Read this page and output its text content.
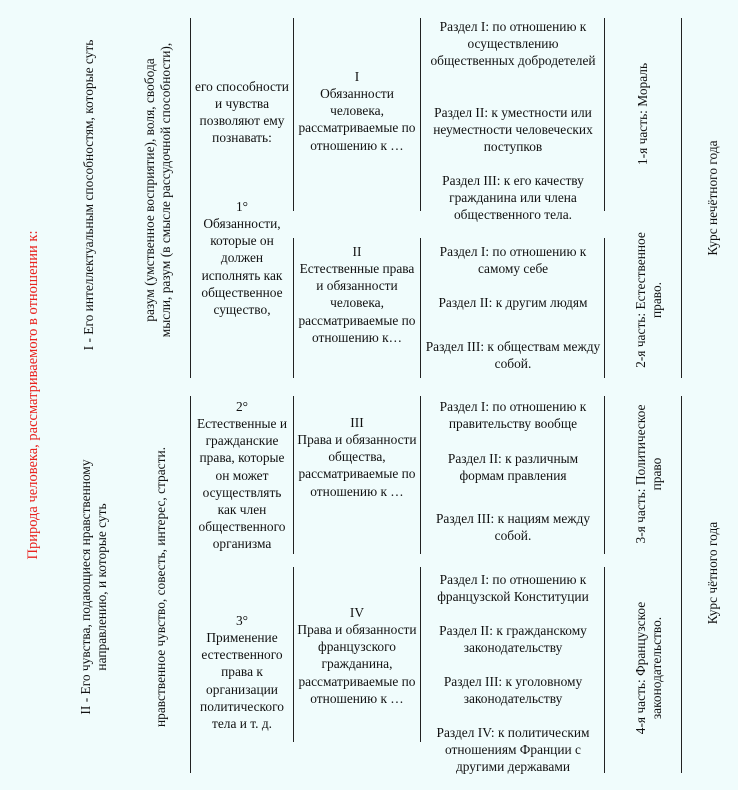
Природа человека, рассматриваемого в отношении к:
I - Его интеллектуальным способностям, которые суть	разум (умственное восприятие), воля, свобода мысли, разум (в смысле рассудочной способности),
II - Его чувства, подающиеся нравственному направлению, и которые суть	нравственное чувство, совесть, интерес, страсти.
его способности и чувства позволяют ему познавать:
1°
Обязанности, которые он должен исполнять как общественное существо,
2°
Естественные и гражданские права, которые он может осуществлять как член общественного организма
3°
Применение естественного права к организации политического тела и т. д.
I
Обязанности человека, рассматриваемые по отношению к …
II
Естественные права и обязанности человека, рассматриваемые по отношению к…
III
Права и обязанности общества, рассматриваемые по отношению к …
IV
Права и обязанности французского гражданина, рассматриваемые по отношению к …
Раздел I: по отношению к осуществлению общественных добродетелей
Раздел II: к уместности или неуместности человеческих поступков
Раздел III: к его качеству гражданина или члена общественного тела.
Раздел I: по отношению к самому себе
Раздел II: к другим людям
Раздел III: к обществам между собой.
Раздел I: по отношению к правительству вообще
Раздел II: к различным формам правления
Раздел III: к нациям между собой.
Раздел I: по отношению к французской Конституции
Раздел II: к гражданскому законодательству
Раздел III: к уголовному законодательству
Раздел IV: к политическим отношениям Франции с другими державами
1-я часть: Мораль
2-я часть: Естественное право.
3-я часть: Политическое право
4-я часть: Французское законодательство.
Курс нечётного года
Курс чётного года
